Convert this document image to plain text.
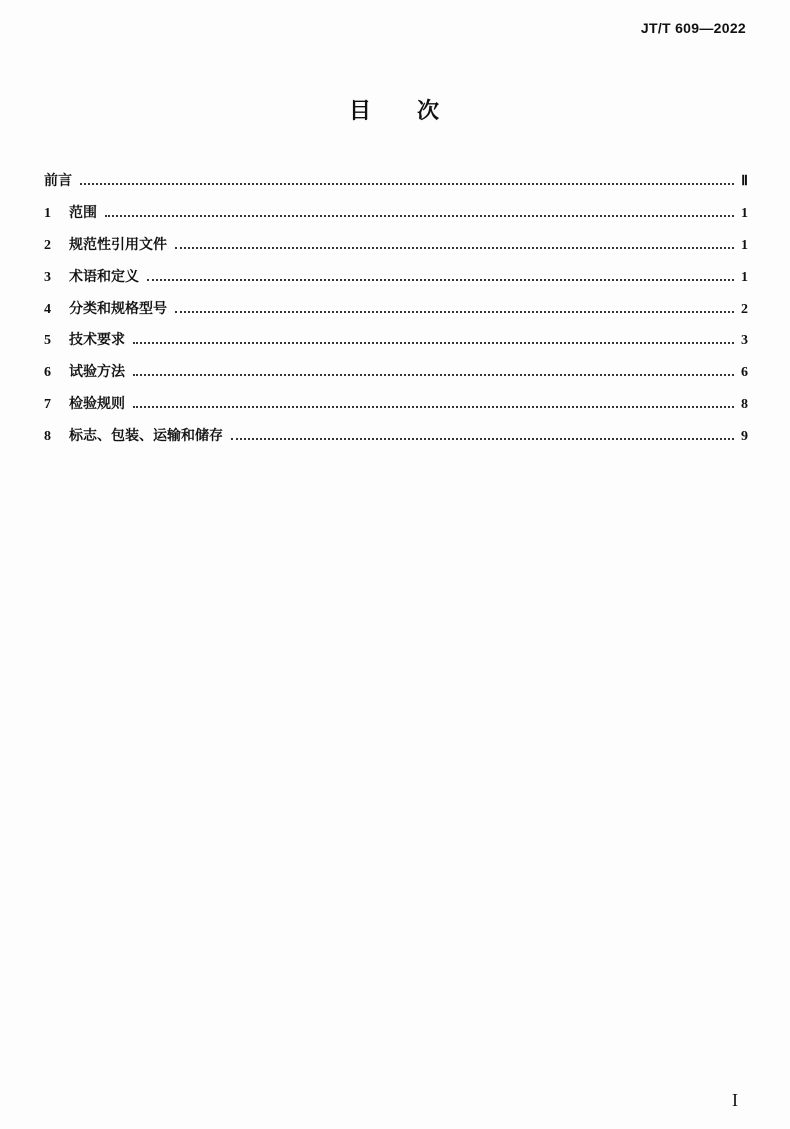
JT/T 609—2022
目 次
前言	Ⅱ
1	范围	1
2	规范性引用文件	1
3	术语和定义	1
4	分类和规格型号	2
5	技术要求	3
6	试验方法	6
7	检验规则	8
8	标志、包装、运输和储存	9
I
